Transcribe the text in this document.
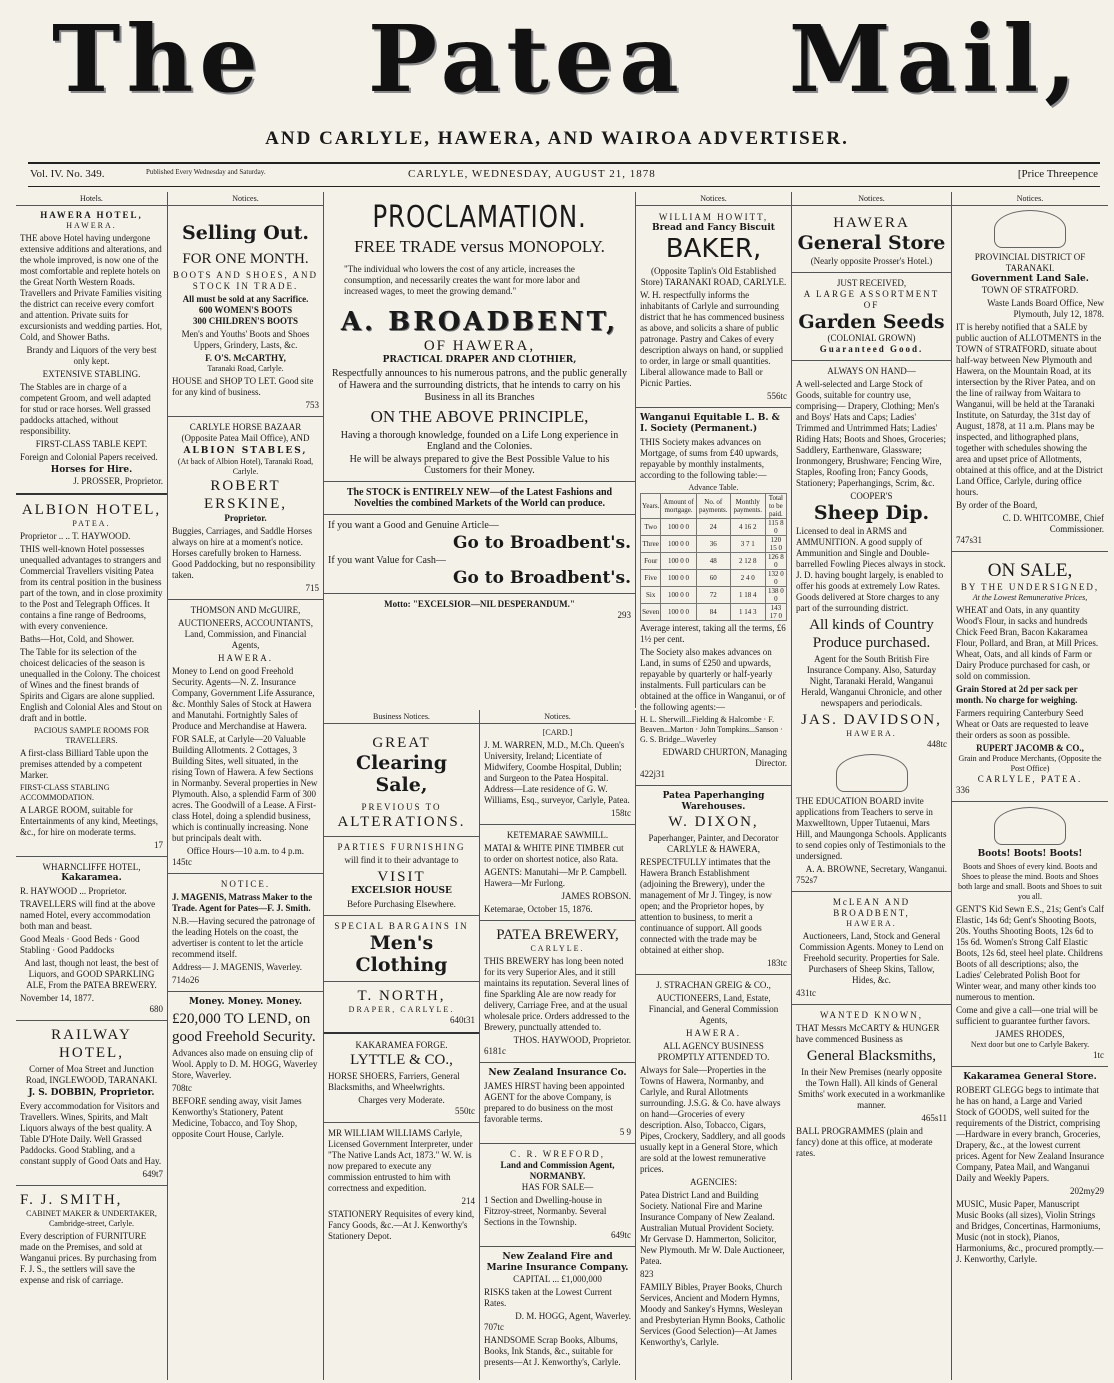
The Patea Mail,
AND CARLYLE, HAWERA, AND WAIROA ADVERTISER.
Vol. IV. No. 349.	Published Every Wednesday and Saturday.	CARLYLE, WEDNESDAY, AUGUST 21, 1878	[Price Threepence
Hotels.
HAWERA HOTEL,
HAWERA.
THE above Hotel having undergone extensive additions and alterations, and the whole improved, is now one of the most comfortable and replete hotels on the Great North Western Roads. Travellers and Private Families visiting the district can receive every comfort and attention. Private suits for excursionists and wedding parties. Hot, Cold, and Shower Baths.
Brandy and Liquors of the very best only kept.
EXTENSIVE STABLING.
The Stables are in charge of a competent Groom, and well adapted for stud or race horses. Well grassed paddocks attached, without responsibility.
FIRST-CLASS TABLE KEPT.
Foreign and Colonial Papers received.
Horses for Hire.
J. PROSSER, Proprietor.
ALBION HOTEL,
PATEA.
Proprietor .. .. T. HAYWOOD.
THIS well-known Hotel possesses unequalled advantages to strangers and Commercial Travellers visiting Patea from its central position in the business part of the town, and in close proximity to the Post and Telegraph Offices. It contains a fine range of Bedrooms, with every convenience.
Baths—Hot, Cold, and Shower.
The Table for its selection of the choicest delicacies of the season is unequalled in the Colony. The choicest of Wines and the finest brands of Spirits and Cigars are alone supplied. English and Colonial Ales and Stout on draft and in bottle.
PACIOUS SAMPLE ROOMS FOR TRAVELLERS.
A first-class Billiard Table upon the premises attended by a competent Marker.
FIRST-CLASS STABLING ACCOMMODATION.
A LARGE ROOM, suitable for Entertainments of any kind, Meetings, &c., for hire on moderate terms.
17
WHARNCLIFFE HOTEL,
Kakaramea.
R. HAYWOOD ... Proprietor.
TRAVELLERS will find at the above named Hotel, every accommodation both man and beast.
Good Meals · Good Beds · Good Stabling · Good Paddocks
And last, though not least, the best of Liquors, and GOOD SPARKLING ALE, From the PATEA BREWERY.
November 14, 1877.
680
RAILWAY HOTEL,
Corner of Moa Street and Junction Road, INGLEWOOD, TARANAKI.
J. S. DOBBIN, Proprietor.
Every accommodation for Visitors and Travellers. Wines, Spirits, and Malt Liquors always of the best quality. A Table D'Hote Daily. Well Grassed Paddocks. Good Stabling, and a constant supply of Good Oats and Hay.
649t7
F. J. SMITH,
CABINET MAKER & UNDERTAKER, Cambridge-street, Carlyle.
Every description of FURNITURE made on the Premises, and sold at Wanganui prices. By purchasing from F. J. S., the settlers will save the expense and risk of carriage.
Notices.
Selling Out.
FOR ONE MONTH.
BOOTS AND SHOES, AND STOCK IN TRADE.
All must be sold at any Sacrifice.
600 WOMEN'S BOOTS
300 CHILDREN'S BOOTS
Men's and Youths' Boots and Shoes Uppers, Grindery, Lasts, &c.
F. O'S. McCARTHY,
Taranaki Road, Carlyle.
HOUSE and SHOP TO LET. Good site for any kind of business.
753
CARLYLE HORSE BAZAAR (Opposite Patea Mail Office), AND
ALBION STABLES,
(At back of Albion Hotel), Taranaki Road, Carlyle.
ROBERT ERSKINE,
Proprietor.
Buggies, Carriages, and Saddle Horses always on hire at a moment's notice. Horses carefully broken to Harness. Good Paddocking, but no responsibility taken.
715
THOMSON AND McGUIRE,
AUCTIONEERS, ACCOUNTANTS, Land, Commission, and Financial Agents,
HAWERA.
Money to Lend on good Freehold Security. Agents—N. Z. Insurance Company, Government Life Assurance, &c. Monthly Sales of Stock at Hawera and Manutahi. Fortnightly Sales of Produce and Merchandise at Hawera.
FOR SALE, at Carlyle—20 Valuable Building Allotments. 2 Cottages, 3 Building Sites, well situated, in the rising Town of Hawera. A few Sections in Normanby. Several properties in New Plymouth. Also, a splendid Farm of 300 acres. The Goodwill of a Lease. A First-class Hotel, doing a splendid business, which is continually increasing. None but principals dealt with.
Office Hours—10 a.m. to 4 p.m.
145tc
NOTICE.
J. MAGENIS, Matrass Maker to the Trade. Agent for Pates—F. J. Smith.
N.B.—Having secured the patronage of the leading Hotels on the coast, the advertiser is content to let the article recommend itself.
Address— J. MAGENIS, Waverley.
714o26
Money. Money. Money.
£20,000 TO LEND, on good Freehold Security.
Advances also made on ensuing clip of Wool. Apply to D. M. HOGG, Waverley Store, Waverley.
708tc
BEFORE sending away, visit James Kenworthy's Stationery, Patent Medicine, Tobacco, and Toy Shop, opposite Court House, Carlyle.
PROCLAMATION.
FREE TRADE versus MONOPOLY.
"The individual who lowers the cost of any article, increases the consumption, and necessarily creates the want for more labor and increased wages, to meet the growing demand."
A. BROADBENT,
OF HAWERA,
PRACTICAL DRAPER AND CLOTHIER,
Respectfully announces to his numerous patrons, and the public generally of Hawera and the surrounding districts, that he intends to carry on his Business in all its Branches
ON THE ABOVE PRINCIPLE,
Having a thorough knowledge, founded on a Life Long experience in England and the Colonies.
He will be always prepared to give the Best Possible Value to his Customers for their Money.
The STOCK is ENTIRELY NEW—of the Latest Fashions and Novelties the combined Markets of the World can produce.
If you want a Good and Genuine Article—
Go to Broadbent's.
If you want Value for Cash—
Go to Broadbent's.
Motto: "EXCELSIOR—NIL DESPERANDUM."
293
Business Notices.
GREAT
Clearing Sale,
PREVIOUS TO
ALTERATIONS.
PARTIES FURNISHING
will find it to their advantage to
VISIT
EXCELSIOR HOUSE
Before Purchasing Elsewhere.
SPECIAL BARGAINS IN
Men's Clothing
T. NORTH,
DRAPER, CARLYLE.
640t31
KAKARAMEA FORGE.
LYTTLE & CO.,
HORSE SHOERS, Farriers, General Blacksmiths, and Wheelwrights.
Charges very Moderate.
550tc
MR WILLIAM WILLIAMS Carlyle, Licensed Government Interpreter, under "The Native Lands Act, 1873." W. W. is now prepared to execute any commission entrusted to him with correctness and expedition.
214
STATIONERY Requisites of every kind, Fancy Goods, &c.—At J. Kenworthy's Stationery Depot.
Notices.
[CARD.]
J. M. WARREN, M.D., M.Ch. Queen's University, Ireland; Licentiate of Midwifery, Coombe Hospital, Dublin; and Surgeon to the Patea Hospital. Address—Late residence of G. W. Williams, Esq., surveyor, Carlyle, Patea.
158tc
KETEMARAE SAWMILL.
MATAI & WHITE PINE TIMBER cut to order on shortest notice, also Rata.
AGENTS: Manutahi—Mr P. Campbell. Hawera—Mr Furlong.
JAMES ROBSON.
Ketemarae, October 15, 1876.
PATEA BREWERY,
CARLYLE.
THIS BREWERY has long been noted for its very Superior Ales, and it still maintains its reputation. Several lines of fine Sparkling Ale are now ready for delivery, Carriage Free, and at the usual wholesale price. Orders addressed to the Brewery, punctually attended to.
THOS. HAYWOOD, Proprietor.
6181c
New Zealand Insurance Co.
JAMES HIRST having been appointed AGENT for the above Company, is prepared to do business on the most favorable terms.
5 9
C. R. WREFORD,
Land and Commission Agent, NORMANBY.
HAS FOR SALE—
1 Section and Dwelling-house in Fitzroy-street, Normanby. Several Sections in the Township.
649tc
New Zealand Fire and Marine Insurance Company.
CAPITAL ... £1,000,000
RISKS taken at the Lowest Current Rates.
D. M. HOGG, Agent, Waverley.
707tc
HANDSOME Scrap Books, Albums, Books, Ink Stands, &c., suitable for presents—At J. Kenworthy's, Carlyle.
Notices.
WILLIAM HOWITT,
Bread and Fancy Biscuit
BAKER,
(Opposite Taplin's Old Established Store) TARANAKI ROAD, CARLYLE.
W. H. respectfully informs the inhabitants of Carlyle and surrounding district that he has commenced business as above, and solicits a share of public patronage. Pastry and Cakes of every description always on hand, or supplied to order, in large or small quantities. Liberal allowance made to Ball or Picnic Parties.
556tc
Wanganui Equitable L. B. & I. Society (Permanent.)
THIS Society makes advances on Mortgage, of sums from £40 upwards, repayable by monthly instalments, according to the following table:—
Advance Table.
Years.	Amount of mortgage.	No. of payments.	Monthly payments.	Total to be paid.
Two	100 0 0	24	4 16 2	115 8 0
Three	100 0 0	36	3 7 1	120 15 0
Four	100 0 0	48	2 12 8	126 8 0
Five	100 0 0	60	2 4 0	132 0 0
Six	100 0 0	72	1 18 4	138 0 0
Seven	100 0 0	84	1 14 3	143 17 0
Average interest, taking all the terms, £6 1½ per cent.
The Society also makes advances on Land, in sums of £250 and upwards, repayable by quarterly or half-yearly instalments. Full particulars can be obtained at the office in Wanganui, or of the following agents:—
H. L. Sherwill...Fielding & Halcombe · F. Beaven...Marton · John Tompkins...Sanson · G. S. Bridge...Waverley
EDWARD CHURTON, Managing Director.
422j31
Patea Paperhanging Warehouses.
W. DIXON,
Paperhanger, Painter, and Decorator CARLYLE & HAWERA,
RESPECTFULLY intimates that the Hawera Branch Establishment (adjoining the Brewery), under the management of Mr J. Tingey, is now open; and the Proprietor hopes, by attention to business, to merit a continuance of support. All goods connected with the trade may be obtained at either shop.
183tc
J. STRACHAN GREIG & CO.,
AUCTIONEERS, Land, Estate, Financial, and General Commission Agents,
HAWERA.
ALL AGENCY BUSINESS PROMPTLY ATTENDED TO.
Always for Sale—Properties in the Towns of Hawera, Normanby, and Carlyle, and Rural Allotments surrounding. J.S.G. & Co. have always on hand—Groceries of every description. Also, Tobacco, Cigars, Pipes, Crockery, Saddlery, and all goods usually kept in a General Store, which are sold at the lowest remunerative prices.
AGENCIES:
Patea District Land and Building Society. National Fire and Marine Insurance Company of New Zealand. Australian Mutual Provident Society. Mr Gervase D. Hammerton, Solicitor, New Plymouth. Mr W. Dale Auctioneer, Patea.
823
FAMILY Bibles, Prayer Books, Church Services, Ancient and Modern Hymns, Moody and Sankey's Hymns, Wesleyan and Presbyterian Hymn Books, Catholic Services (Good Selection)—At James Kenworthy's, Carlyle.
Notices.
HAWERA
General Store
(Nearly opposite Prosser's Hotel.)
JUST RECEIVED,
A LARGE ASSORTMENT OF
Garden Seeds
(COLONIAL GROWN)
Guaranteed Good.
ALWAYS ON HAND—
A well-selected and Large Stock of Goods, suitable for country use, comprising— Drapery, Clothing; Men's and Boys' Hats and Caps; Ladies' Trimmed and Untrimmed Hats; Ladies' Riding Hats; Boots and Shoes, Groceries; Saddlery, Earthenware, Glassware; Ironmongery, Brushware; Fencing Wire, Staples, Roofing Iron; Fancy Goods, Stationery; Paperhangings, Scrim, &c.
COOPER'S
Sheep Dip.
Licensed to deal in ARMS and AMMUNITION. A good supply of Ammunition and Single and Double-barrelled Fowling Pieces always in stock. J. D. having bought largely, is enabled to offer his goods at extremely Low Rates. Goods delivered at Store charges to any part of the surrounding district.
All kinds of Country Produce purchased.
Agent for the South British Fire Insurance Company. Also, Saturday Night, Taranaki Herald, Wanganui Herald, Wanganui Chronicle, and other newspapers and periodicals.
JAS. DAVIDSON,
HAWERA.
448tc
THE EDUCATION BOARD invite applications from Teachers to serve in Maxwelltown, Upper Tutaenui, Mars Hill, and Maungonga Schools. Applicants to send copies only of Testimonials to the undersigned.
A. A. BROWNE, Secretary, Wanganui.
752s7
McLEAN AND BROADBENT,
HAWERA.
Auctioneers, Land, Stock and General Commission Agents. Money to Lend on Freehold security. Properties for Sale. Purchasers of Sheep Skins, Tallow, Hides, &c.
431tc
WANTED KNOWN,
THAT Messrs McCARTY & HUNGER have commenced Business as
General Blacksmiths,
In their New Premises (nearly opposite the Town Hall). All kinds of General Smiths' work executed in a workmanlike manner.
465s11
BALL PROGRAMMES (plain and fancy) done at this office, at moderate rates.
Notices.
PROVINCIAL DISTRICT OF TARANAKI.
Government Land Sale.
TOWN OF STRATFORD.
Waste Lands Board Office, New Plymouth, July 12, 1878.
IT is hereby notified that a SALE by public auction of ALLOTMENTS in the TOWN of STRATFORD, situate about half-way between New Plymouth and Hawera, on the Mountain Road, at its intersection by the River Patea, and on the line of railway from Waitara to Wanganui, will be held at the Taranaki Institute, on Saturday, the 31st day of August, 1878, at 11 a.m. Plans may be inspected, and lithographed plans, together with schedules showing the area and upset price of Allotments, obtained at this office, and at the District Land Office, Carlyle, during office hours.
By order of the Board,
C. D. WHITCOMBE, Chief Commissioner.
747s31
ON SALE,
BY THE UNDERSIGNED,
At the Lowest Remunerative Prices,
WHEAT and Oats, in any quantity Wood's Flour, in sacks and hundreds Chick Feed Bran, Bacon Kakaramea Flour, Pollard, and Bran, at Mill Prices. Wheat, Oats, and all kinds of Farm or Dairy Produce purchased for cash, or sold on commission.
Grain Stored at 2d per sack per month. No charge for weighing.
Farmers requiring Canterbury Seed Wheat or Oats are requested to leave their orders as soon as possible.
RUPERT JACOMB & CO.,
Grain and Produce Merchants, (Opposite the Post Office)
CARLYLE, PATEA.
336
Boots! Boots! Boots!
Boots and Shoes of every kind. Boots and Shoes to please the mind. Boots and Shoes both large and small. Boots and Shoes to suit you all.
GENT'S Kid Sewn E.S., 21s; Gent's Calf Elastic, 14s 6d; Gent's Shooting Boots, 20s. Youths Shooting Boots, 12s 6d to 15s 6d. Women's Strong Calf Elastic Boots, 12s 6d, steel heel plate. Childrens Boots of all descriptions; also, the Ladies' Celebrated Polish Boot for Winter wear, and many other kinds too numerous to mention.
Come and give a call—one trial will be sufficient to guarantee further favors.
JAMES RHODES,
Next door but one to Carlyle Bakery.
1tc
Kakaramea General Store.
ROBERT GLEGG begs to intimate that he has on hand, a Large and Varied Stock of GOODS, well suited for the requirements of the District, comprising—Hardware in every branch, Groceries, Drapery, &c., at the lowest current prices. Agent for New Zealand Insurance Company, Patea Mail, and Wanganui Daily and Weekly Papers.
202my29
MUSIC, Music Paper, Manuscript Music Books (all sizes), Violin Strings and Bridges, Concertinas, Harmoniums, Music (not in stock), Pianos, Harmoniums, &c., procured promptly.—J. Kenworthy, Carlyle.
